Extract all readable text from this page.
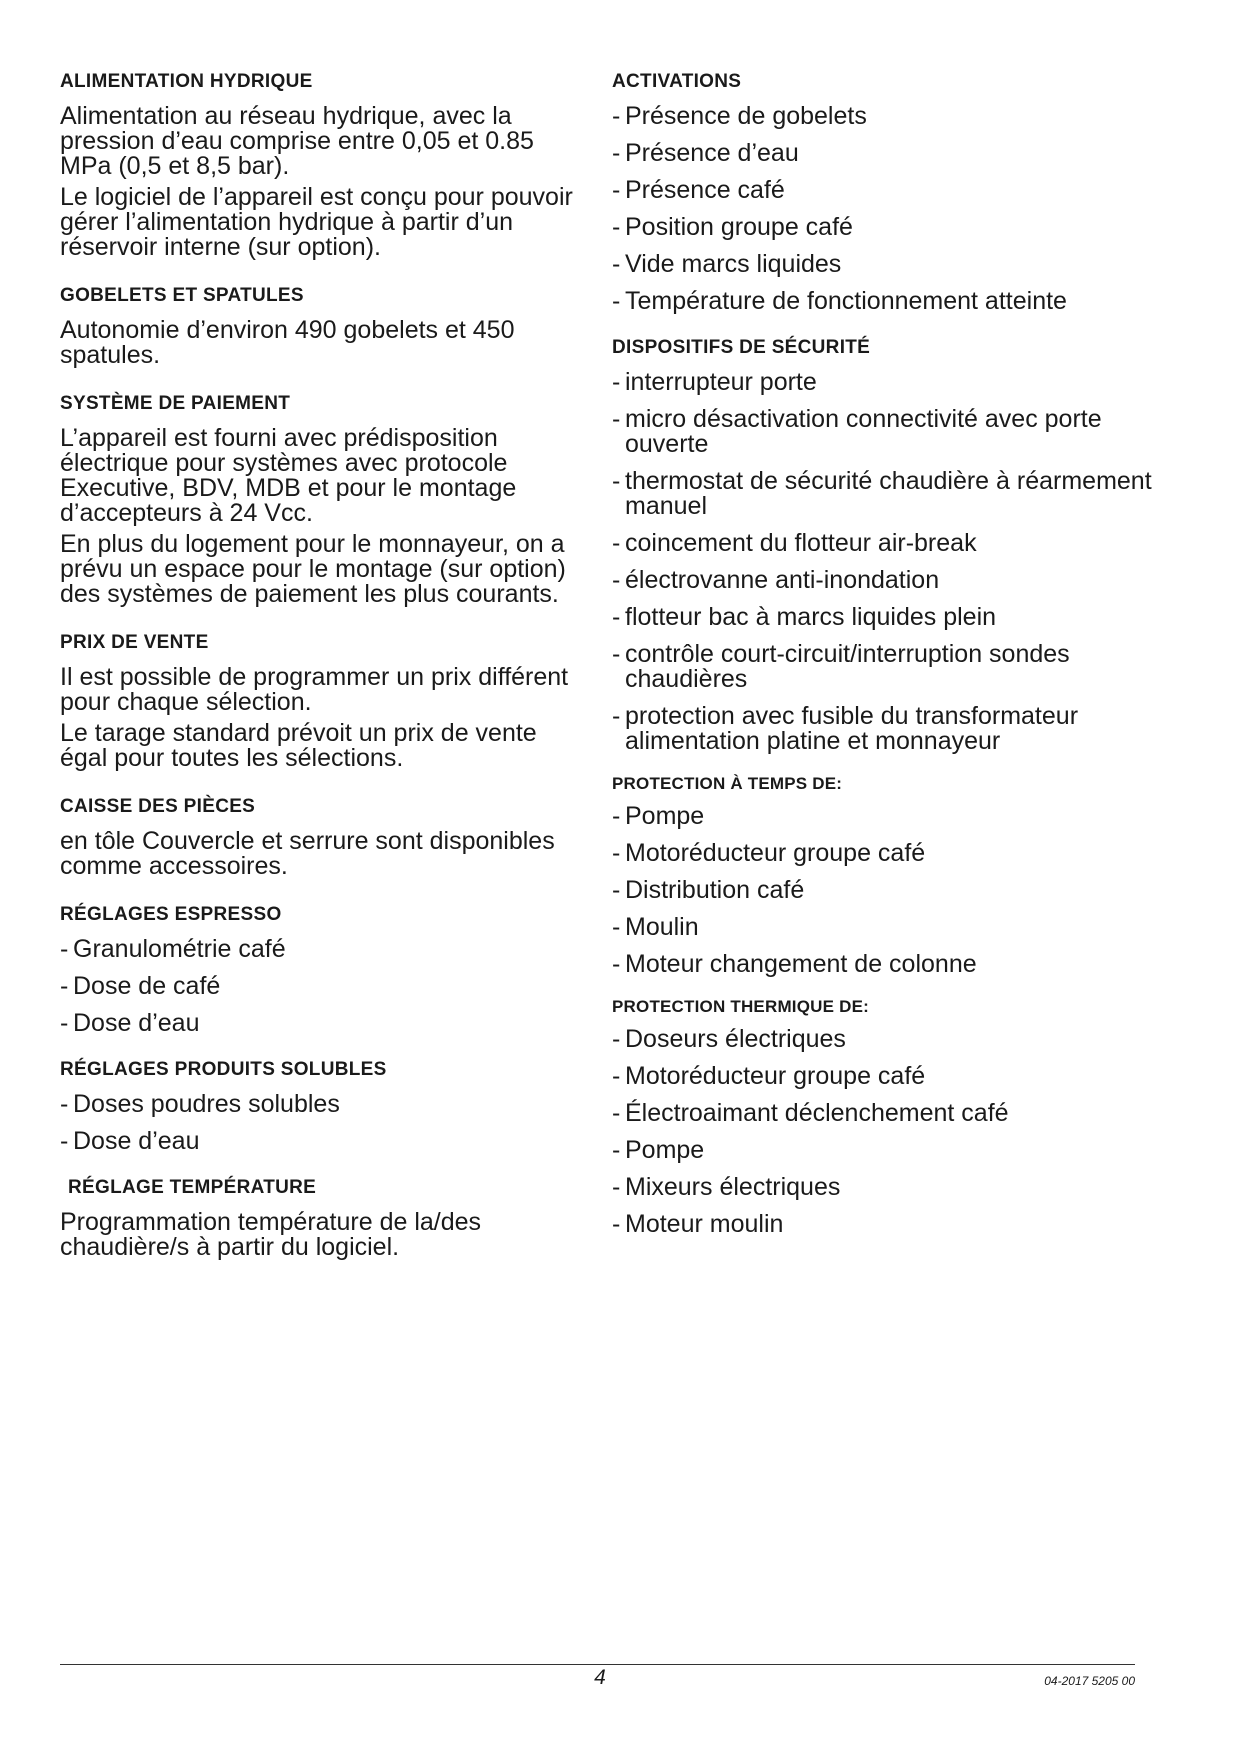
ALIMENTATION HYDRIQUE

Alimentation au réseau hydrique, avec la pression d’eau comprise entre 0,05 et 0.85 MPa (0,5 et 8,5 bar).

Le logiciel de l’appareil est conçu pour pouvoir gérer l’alimentation hydrique à partir d’un réservoir interne (sur option).

GOBELETS ET SPATULES

Autonomie d’environ 490 gobelets et 450 spatules.

SYSTÈME DE PAIEMENT

L’appareil est fourni avec prédisposition électrique pour systèmes avec protocole Executive, BDV, MDB et pour le montage d’accepteurs à 24 Vcc.

En plus du logement pour le monnayeur, on a prévu un espace pour le montage (sur option) des systèmes de paiement les plus courants.

PRIX DE VENTE

Il est possible de programmer un prix différent pour chaque sélection.

Le tarage standard prévoit un prix de vente égal pour toutes les sélections.

CAISSE DES PIÈCES

en tôle Couvercle et serrure sont disponibles comme accessoires.

RÉGLAGES ESPRESSO
- Granulométrie café
- Dose de café
- Dose d’eau
RÉGLAGES PRODUITS SOLUBLES
- Doses poudres solubles
- Dose d’eau
RÉGLAGE TEMPÉRATURE

Programmation température de la/des chaudière/s à partir du logiciel.

ACTIVATIONS
- Présence de gobelets
- Présence d’eau
- Présence café
- Position groupe café
- Vide marcs liquides
- Température de fonctionnement atteinte
DISPOSITIFS DE SÉCURITÉ
- interrupteur porte
- micro désactivation connectivité avec porte ouverte
- thermostat de sécurité chaudière à réarmement manuel
- coincement du flotteur air-break
- électrovanne anti-inondation
- flotteur bac à marcs liquides plein
- contrôle court-circuit/interruption sondes chaudières
- protection avec fusible du transformateur alimentation platine et monnayeur
PROTECTION À TEMPS DE:
- Pompe
- Motoréducteur groupe café
- Distribution café
- Moulin
- Moteur changement de colonne
PROTECTION THERMIQUE DE:
- Doseurs électriques
- Motoréducteur groupe café
- Électroaimant déclenchement café
- Pompe
- Mixeurs électriques
- Moteur moulin
4	04-2017 5205 00
